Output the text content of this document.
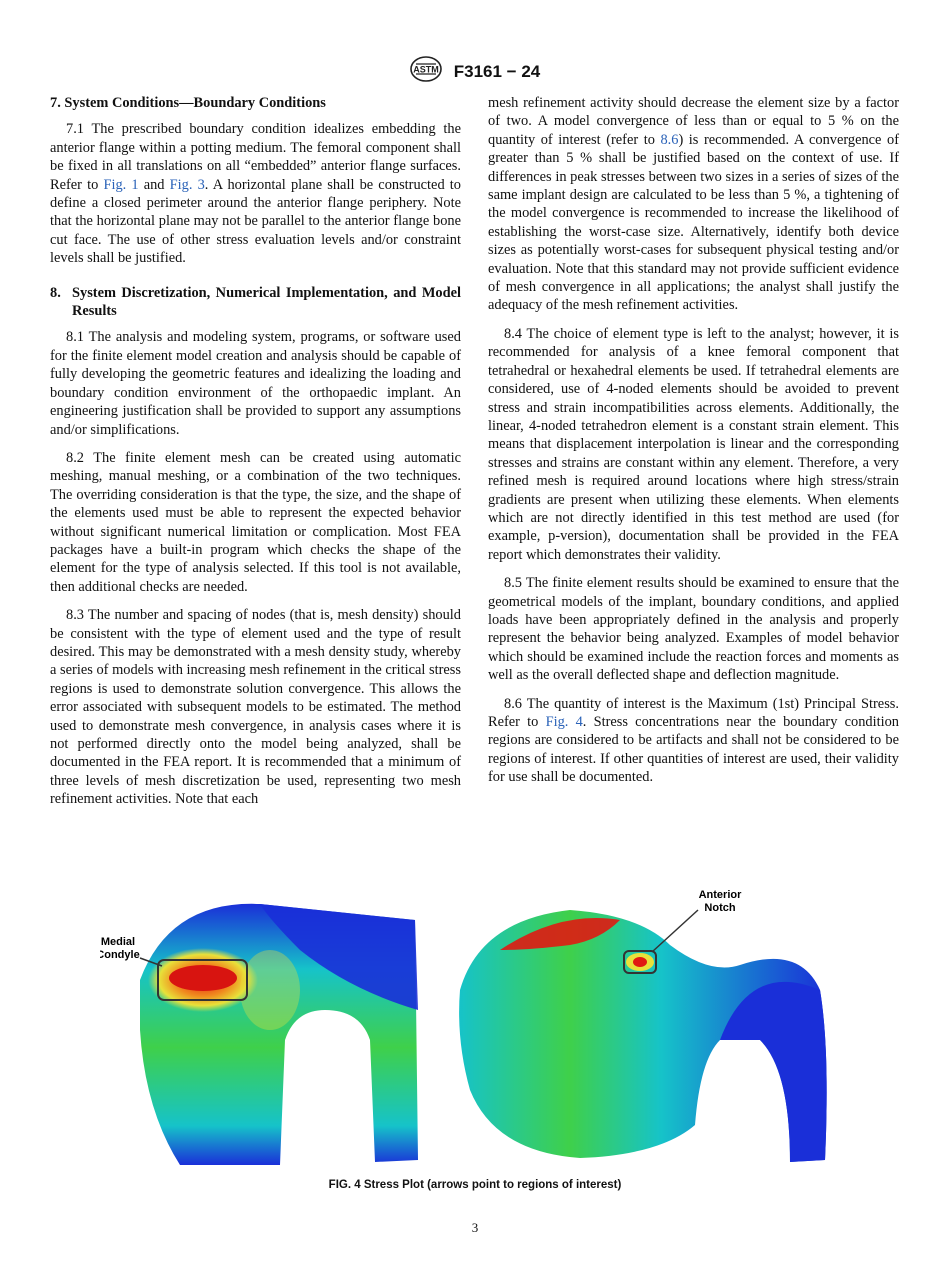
ASTM F3161 − 24
7. System Conditions—Boundary Conditions

7.1 The prescribed boundary condition idealizes embedding the anterior flange within a potting medium. The femoral component shall be fixed in all translations on all “embedded” anterior flange surfaces. Refer to Fig. 1 and Fig. 3. A horizontal plane shall be constructed to define a closed perimeter around the anterior flange periphery. Note that the horizontal plane may not be parallel to the anterior flange bone cut face. The use of other stress evaluation levels and/or constraint levels shall be justified.

8. System Discretization, Numerical Implementation, and Model Results

8.1 The analysis and modeling system, programs, or software used for the finite element model creation and analysis should be capable of fully developing the geometric features and idealizing the loading and boundary condition environment of the orthopaedic implant. An engineering justification shall be provided to support any assumptions and/or simplifications.

8.2 The finite element mesh can be created using automatic meshing, manual meshing, or a combination of the two techniques. The overriding consideration is that the type, the size, and the shape of the elements used must be able to represent the expected behavior without significant numerical limitation or complication. Most FEA packages have a built-in program which checks the shape of the element for the type of analysis selected. If this tool is not available, then additional checks are needed.

8.3 The number and spacing of nodes (that is, mesh density) should be consistent with the type of element used and the type of result desired. This may be demonstrated with a mesh density study, whereby a series of models with increasing mesh refinement in the critical stress regions is used to demonstrate solution convergence. This allows the error associated with subsequent models to be estimated. The method used to demonstrate mesh convergence, in analysis cases where it is not performed directly onto the model being analyzed, shall be documented in the FEA report. It is recommended that a minimum of three levels of mesh discretization be used, representing two mesh refinement activities. Note that each

mesh refinement activity should decrease the element size by a factor of two. A model convergence of less than or equal to 5 % on the quantity of interest (refer to 8.6) is recommended. A convergence of greater than 5 % shall be justified based on the context of use. If differences in peak stresses between two sizes in a series of sizes of the same implant design are calculated to be less than 5 %, a tightening of the model convergence is recommended to increase the likelihood of establishing the worst-case size. Alternatively, identify both device sizes as potentially worst-cases for subsequent physical testing and/or evaluation. Note that this standard may not provide sufficient evidence of mesh convergence in all applications; the analyst shall justify the adequacy of the mesh refinement activities.

8.4 The choice of element type is left to the analyst; however, it is recommended for analysis of a knee femoral component that tetrahedral or hexahedral elements be used. If tetrahedral elements are considered, use of 4-noded elements should be avoided to prevent stress and strain incompatibilities across elements. Additionally, the linear, 4-noded tetrahedron element is a constant strain element. This means that displacement interpolation is linear and the corresponding stresses and strains are constant within any element. Therefore, a very refined mesh is required around locations where high stress/strain gradients are present when utilizing these elements. When elements which are not directly identified in this test method are used (for example, p-version), documentation shall be provided in the FEA report which demonstrates their validity.

8.5 The finite element results should be examined to ensure that the geometrical models of the implant, boundary conditions, and applied loads have been appropriately defined in the analysis and properly represent the behavior being analyzed. Examples of model behavior which should be examined include the reaction forces and moments as well as the overall deflected shape and deflection magnitude.

8.6 The quantity of interest is the Maximum (1st) Principal Stress. Refer to Fig. 4. Stress concentrations near the boundary condition regions are considered to be artifacts and shall not be considered to be regions of interest. If other quantities of interest are used, their validity for use shall be documented.

Medial
Condyle
Anterior
Notch
FIG. 4 Stress Plot (arrows point to regions of interest)
3
